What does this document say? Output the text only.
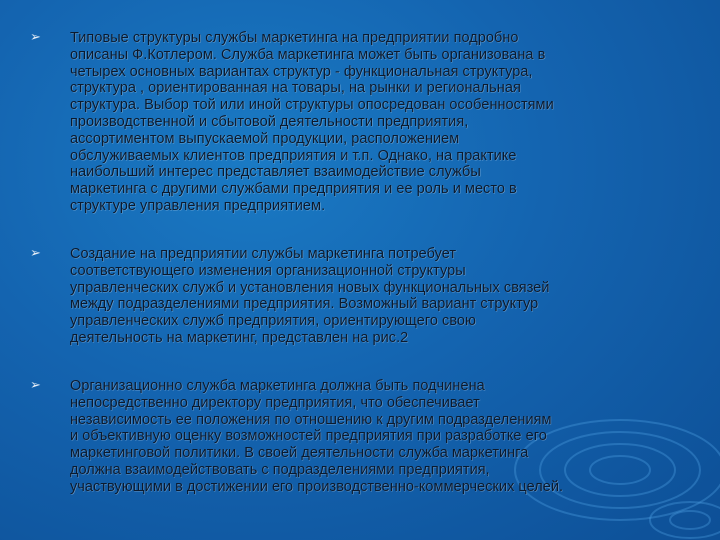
➢ Типовые структуры службы маркетинга на предприятии подробно
описаны Ф.Котлером. Служба маркетинга может быть организована в
четырех основных вариантах структур - функциональная структура,
структура , ориентированная на товары, на рынки и региональная
структура. Выбор той или иной структуры опосредован особенностями
производственной и сбытовой деятельности предприятия,
ассортиментом выпускаемой продукции, расположением
обслуживаемых клиентов предприятия и т.п. Однако, на практике
наибольший интерес представляет взаимодействие службы
маркетинга с другими службами предприятия и ее роль и место в
структуре управления предприятием.
➢ Создание на предприятии службы маркетинга потребует
соответствующего изменения организационной структуры
управленческих служб и установления новых функциональных связей
между подразделениями предприятия. Возможный вариант структур
управленческих служб предприятия, ориентирующего свою
деятельность на маркетинг, представлен на рис.2
➢ Организационно служба маркетинга должна быть подчинена
непосредственно директору предприятия, что обеспечивает
независимость ее положения по отношению к другим подразделениям
и объективную оценку возможностей предприятия при разработке его
маркетинговой политики. В своей деятельности служба маркетинга
должна взаимодействовать с подразделениями предприятия,
участвующими в достижении его производственно-коммерческих целей.
